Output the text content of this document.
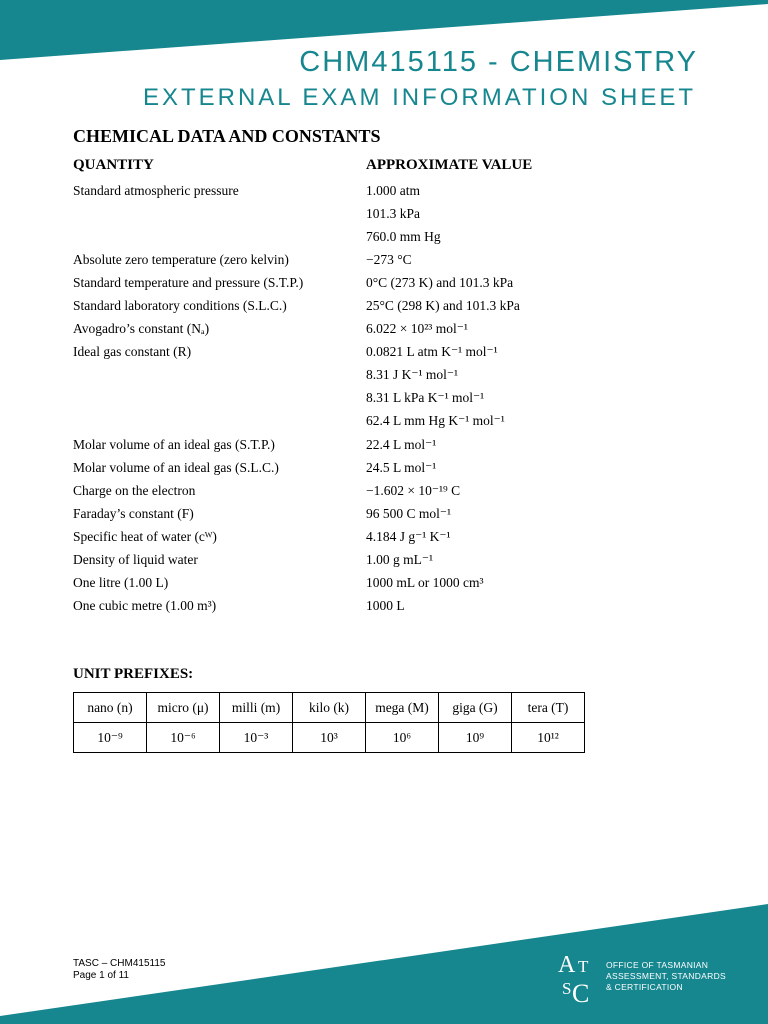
CHM415115 - CHEMISTRY
EXTERNAL EXAM INFORMATION SHEET
CHEMICAL DATA AND CONSTANTS
QUANTITY	APPROXIMATE VALUE
Standard atmospheric pressure	1.000 atm
101.3 kPa
760.0 mm Hg
Absolute zero temperature (zero kelvin)	−273 °C
Standard temperature and pressure (S.T.P.)	0°C (273 K) and 101.3 kPa
Standard laboratory conditions (S.L.C.)	25°C (298 K) and 101.3 kPa
Avogadro’s constant (Nₐ)	6.022 × 10²³ mol⁻¹
Ideal gas constant (R)	0.0821 L atm K⁻¹ mol⁻¹
8.31 J K⁻¹ mol⁻¹
8.31 L kPa K⁻¹ mol⁻¹
62.4 L mm Hg K⁻¹ mol⁻¹
Molar volume of an ideal gas (S.T.P.)	22.4 L mol⁻¹
Molar volume of an ideal gas (S.L.C.)	24.5 L mol⁻¹
Charge on the electron	−1.602 × 10⁻¹⁹ C
Faraday’s constant (F)	96 500 C mol⁻¹
Specific heat of water (cᵂ)	4.184 J g⁻¹ K⁻¹
Density of liquid water	1.00 g mL⁻¹
One litre (1.00 L)	1000 mL or 1000 cm³
One cubic metre (1.00 m³)	1000 L
UNIT PREFIXES:
nano (n)	micro (μ)	milli (m)	kilo (k)	mega (M)	giga (G)	tera (T)
10⁻⁹	10⁻⁶	10⁻³	10³	10⁶	10⁹	10¹²
TASC – CHM415115
Page 1 of 11	A T
S C
OFFICE OF TASMANIAN
ASSESSMENT, STANDARDS
& CERTIFICATION
